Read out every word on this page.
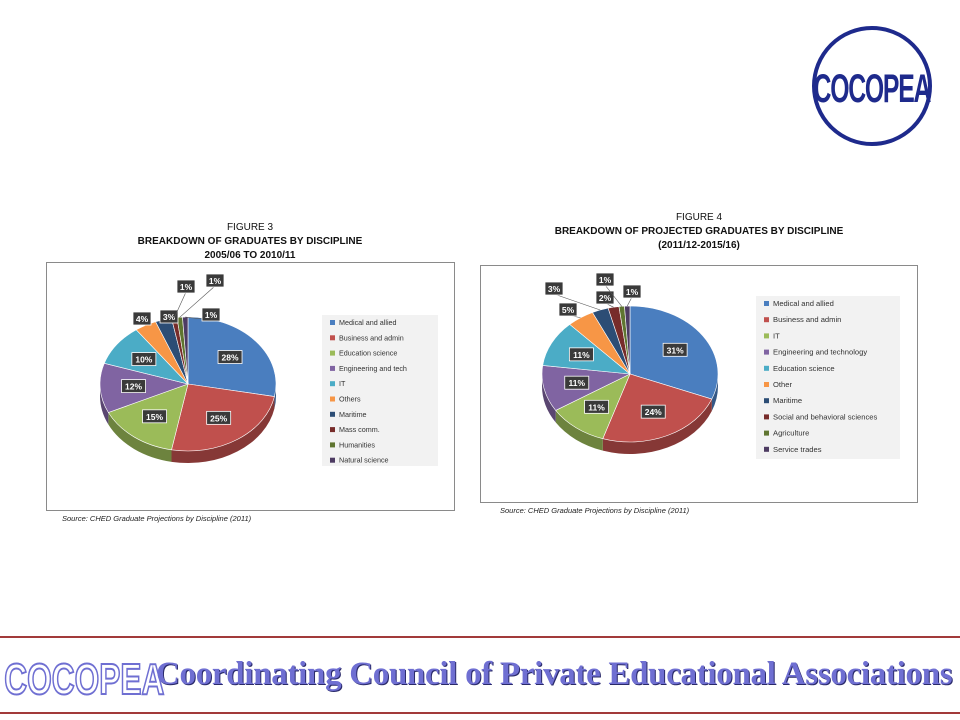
COCOPEA
FIGURE 3
BREAKDOWN OF GRADUATES BY DISCIPLINE
2005/06 TO 2010/11
28%
25%
15%
12%
10%
4% 3%
1%
1%
1%
Medical and allied
Business and admin
Education science
Engineering and tech
IT
Others
Maritime
Mass comm.
Humanities
Natural science
Source: CHED Graduate Projections by Discipline (2011)
FIGURE 4
BREAKDOWN OF PROJECTED GRADUATES BY DISCIPLINE
(2011/12-2015/16)
31%
24%
11%
11%
11%
5%
3%
2%
1%
1%
Medical and allied
Business and admin
IT
Engineering and technology
Education science
Other
Maritime
Social and behavioral sciences
Agriculture
Service trades
Source: CHED Graduate Projections by Discipline (2011)
COCOPEA
Coordinating Council of Private Educational Associations
